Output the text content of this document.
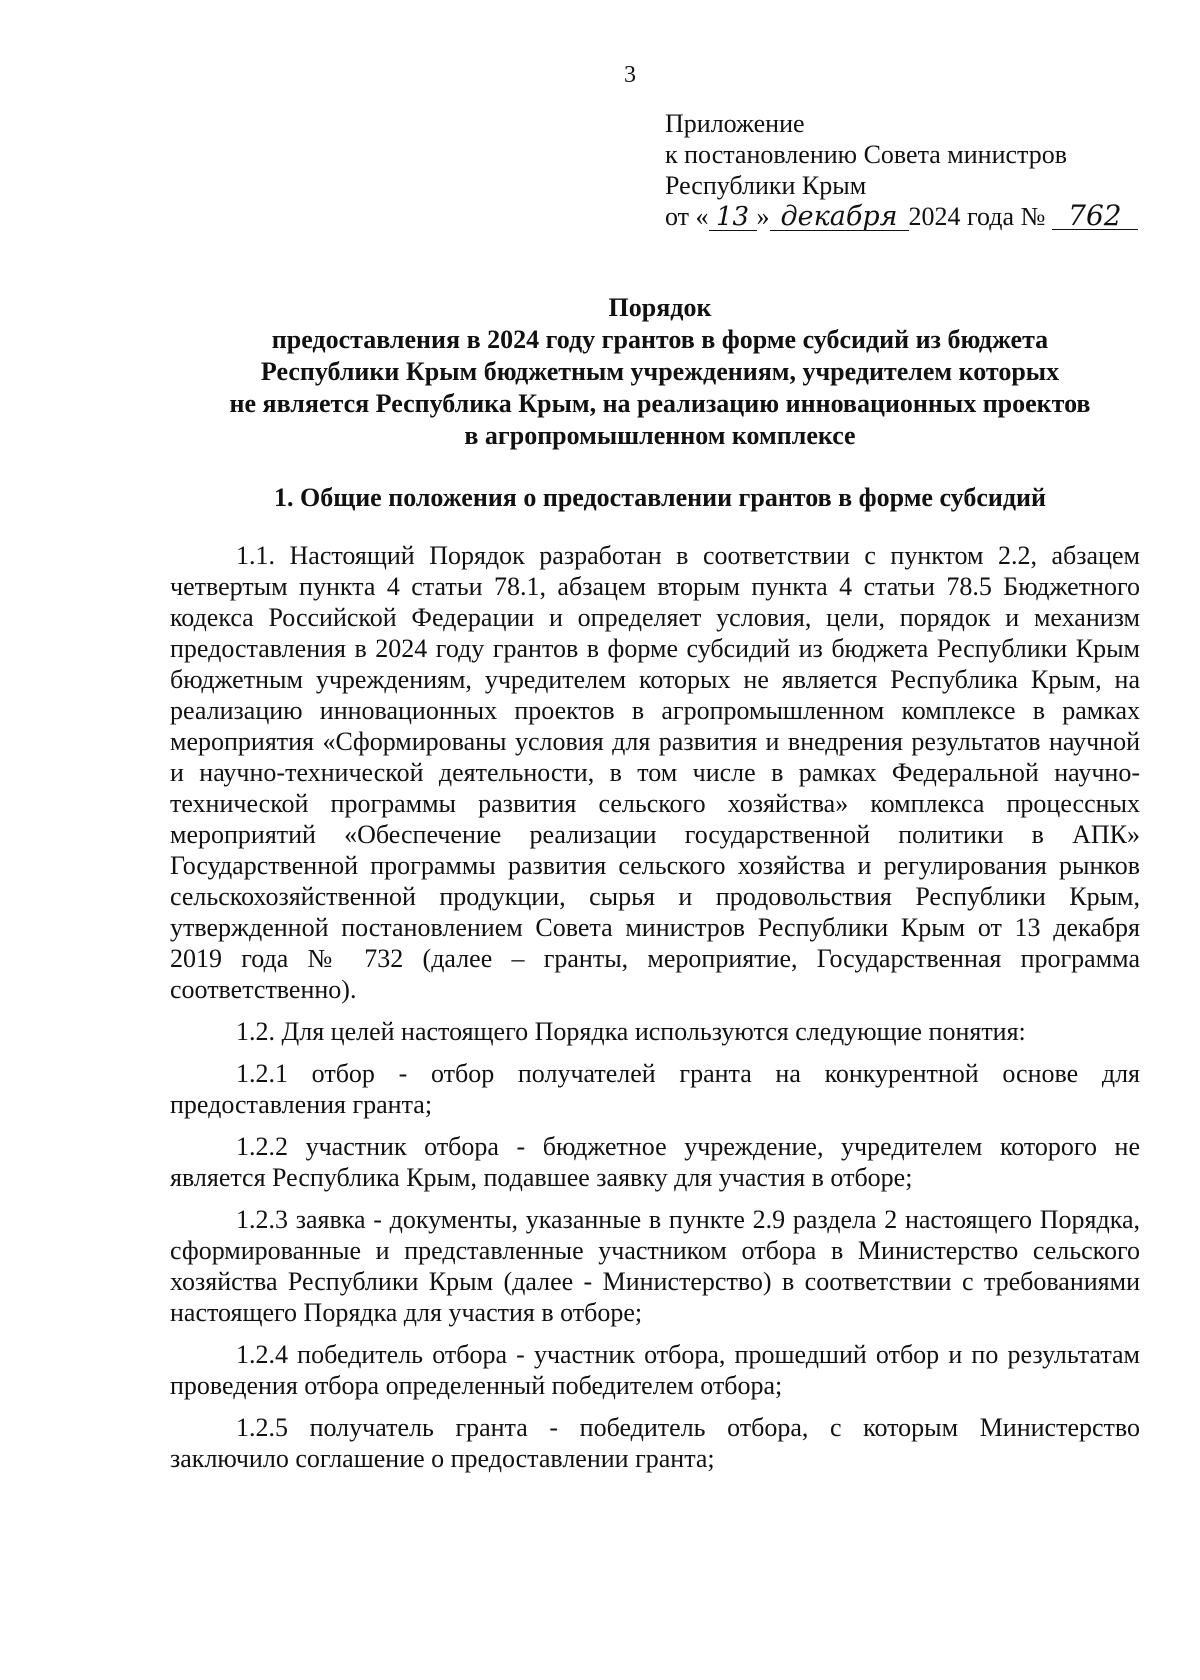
3
Приложение
к постановлению Совета министров
Республики Крым
от « 13 » декабря 2024 года № 762
Порядок
предоставления в 2024 году грантов в форме субсидий из бюджета
Республики Крым бюджетным учреждениям, учредителем которых
не является Республика Крым, на реализацию инновационных проектов
в агропромышленном комплексе
1. Общие положения о предоставлении грантов в форме субсидий

1.1. Настоящий Порядок разработан в соответствии с пунктом 2.2, абзацем четвертым пункта 4 статьи 78.1, абзацем вторым пункта 4 статьи 78.5 Бюджетного кодекса Российской Федерации и определяет условия, цели, порядок и механизм предоставления в 2024 году грантов в форме субсидий из бюджета Республики Крым бюджетным учреждениям, учредителем которых не является Республика Крым, на реализацию инновационных проектов в агропромышленном комплексе в рамках мероприятия «Сформированы условия для развития и внедрения результатов научной и научно-технической деятельности, в том числе в рамках Федеральной научно-технической программы развития сельского хозяйства» комплекса процессных мероприятий «Обеспечение реализации государственной политики в АПК» Государственной программы развития сельского хозяйства и регулирования рынков сельскохозяйственной продукции, сырья и продовольствия Республики Крым, утвержденной постановлением Совета министров Республики Крым от 13 декабря 2019 года № 732 (далее – гранты, мероприятие, Государственная программа соответственно).

1.2. Для целей настоящего Порядка используются следующие понятия:

1.2.1 отбор - отбор получателей гранта на конкурентной основе для предоставления гранта;

1.2.2 участник отбора - бюджетное учреждение, учредителем которого не является Республика Крым, подавшее заявку для участия в отборе;

1.2.3 заявка - документы, указанные в пункте 2.9 раздела 2 настоящего Порядка, сформированные и представленные участником отбора в Министерство сельского хозяйства Республики Крым (далее - Министерство) в соответствии с требованиями настоящего Порядка для участия в отборе;

1.2.4 победитель отбора - участник отбора, прошедший отбор и по результатам проведения отбора определенный победителем отбора;

1.2.5 получатель гранта - победитель отбора, с которым Министерство заключило соглашение о предоставлении гранта;
